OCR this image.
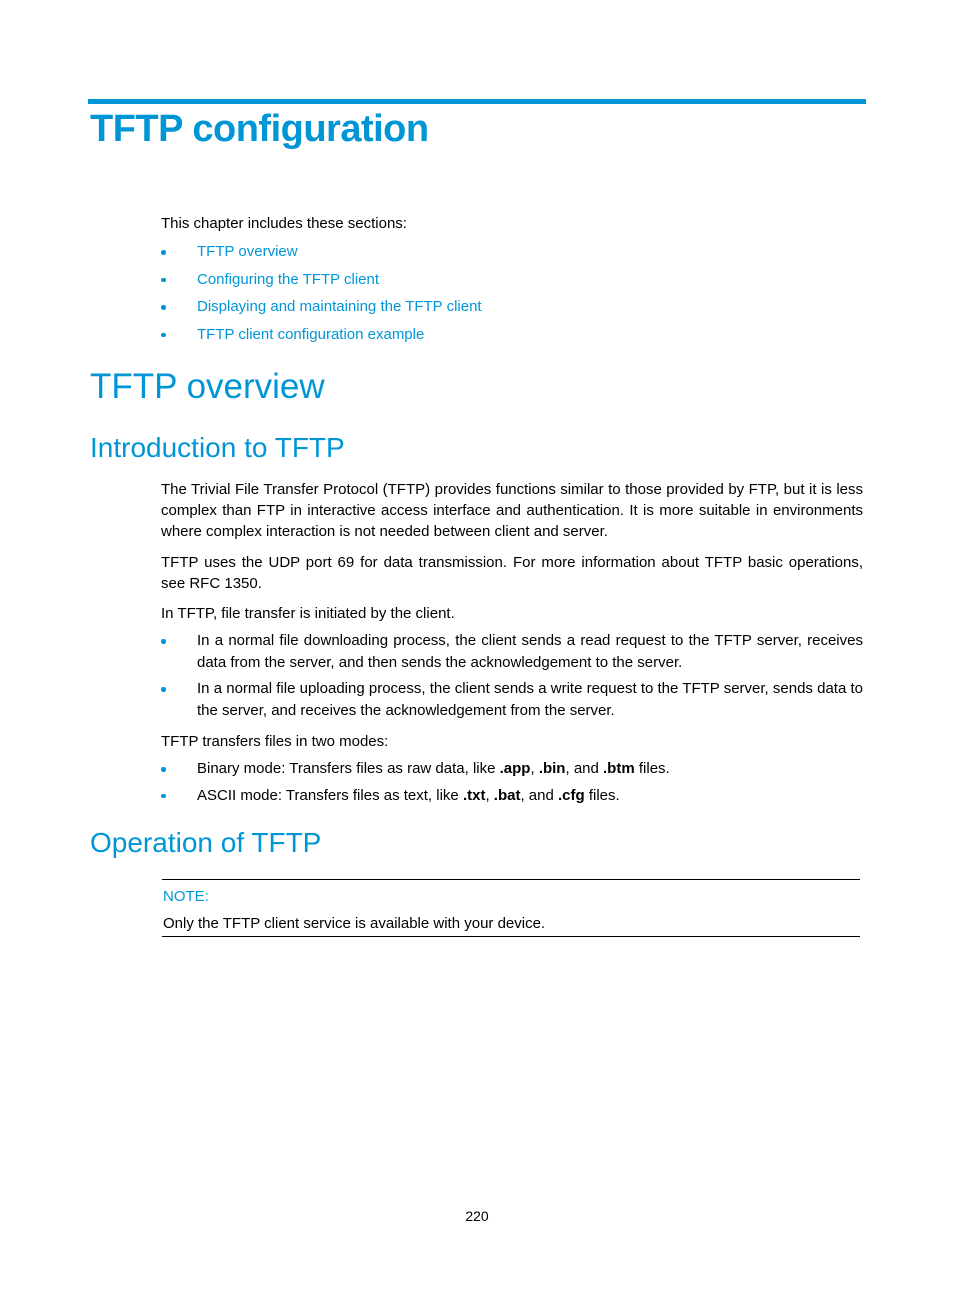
TFTP configuration
This chapter includes these sections:
TFTP overview
Configuring the TFTP client
Displaying and maintaining the TFTP client
TFTP client configuration example
TFTP overview
Introduction to TFTP

The Trivial File Transfer Protocol (TFTP) provides functions similar to those provided by FTP, but it is less complex than FTP in interactive access interface and authentication. It is more suitable in environments where complex interaction is not needed between client and server.

TFTP uses the UDP port 69 for data transmission. For more information about TFTP basic operations, see RFC 1350.

In TFTP, file transfer is initiated by the client.

In a normal file downloading process, the client sends a read request to the TFTP server, receives data from the server, and then sends the acknowledgement to the server.
In a normal file uploading process, the client sends a write request to the TFTP server, sends data to the server, and receives the acknowledgement from the server.

TFTP transfers files in two modes:

Binary mode: Transfers files as raw data, like .app, .bin, and .btm files.
ASCII mode: Transfers files as text, like .txt, .bat, and .cfg files.
Operation of TFTP
NOTE:
Only the TFTP client service is available with your device.
220
